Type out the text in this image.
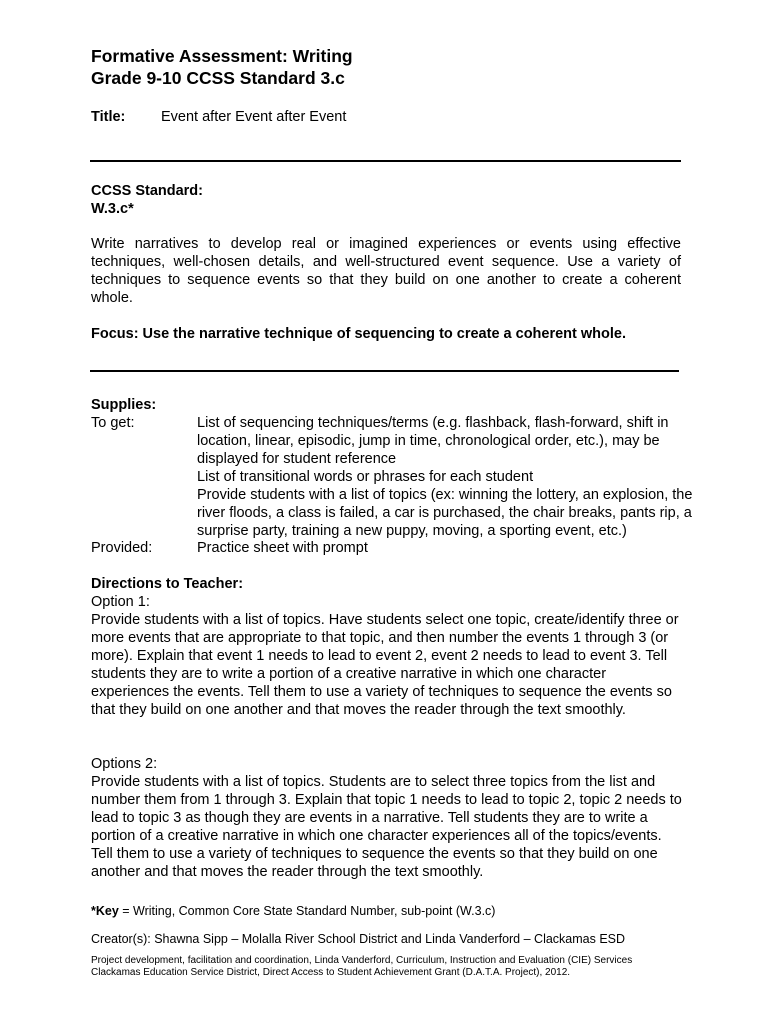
Formative Assessment: Writing
Grade 9-10 CCSS Standard 3.c
Title: Event after Event after Event
CCSS Standard:
W.3.c*
Write narratives to develop real or imagined experiences or events using effective techniques, well-chosen details, and well-structured event sequence. Use a variety of techniques to sequence events so that they build on one another to create a coherent whole.
Focus: Use the narrative technique of sequencing to create a coherent whole.
Supplies:
To get:	List of sequencing techniques/terms (e.g. flashback, flash-forward, shift in location, linear, episodic, jump in time, chronological order, etc.), may be displayed for student reference
List of transitional words or phrases for each student
Provide students with a list of topics (ex: winning the lottery, an explosion, the river floods, a class is failed, a car is purchased, the chair breaks, pants rip, a surprise party, training a new puppy, moving, a sporting event, etc.)
Provided:	Practice sheet with prompt
Directions to Teacher:
Option 1:
Provide students with a list of topics. Have students select one topic, create/identify three or more events that are appropriate to that topic, and then number the events 1 through 3 (or more). Explain that event 1 needs to lead to event 2, event 2 needs to lead to event 3. Tell students they are to write a portion of a creative narrative in which one character experiences the events. Tell them to use a variety of techniques to sequence the events so that they build on one another and that moves the reader through the text smoothly.
Options 2:
Provide students with a list of topics. Students are to select three topics from the list and number them from 1 through 3. Explain that topic 1 needs to lead to topic 2, topic 2 needs to lead to topic 3 as though they are events in a narrative. Tell students they are to write a portion of a creative narrative in which one character experiences all of the topics/events. Tell them to use a variety of techniques to sequence the events so that they build on one another and that moves the reader through the text smoothly.
*Key = Writing, Common Core State Standard Number, sub-point (W.3.c)
Creator(s): Shawna Sipp – Molalla River School District and Linda Vanderford – Clackamas ESD
Project development, facilitation and coordination, Linda Vanderford, Curriculum, Instruction and Evaluation (CIE) Services
Clackamas Education Service District, Direct Access to Student Achievement Grant (D.A.T.A. Project), 2012.
